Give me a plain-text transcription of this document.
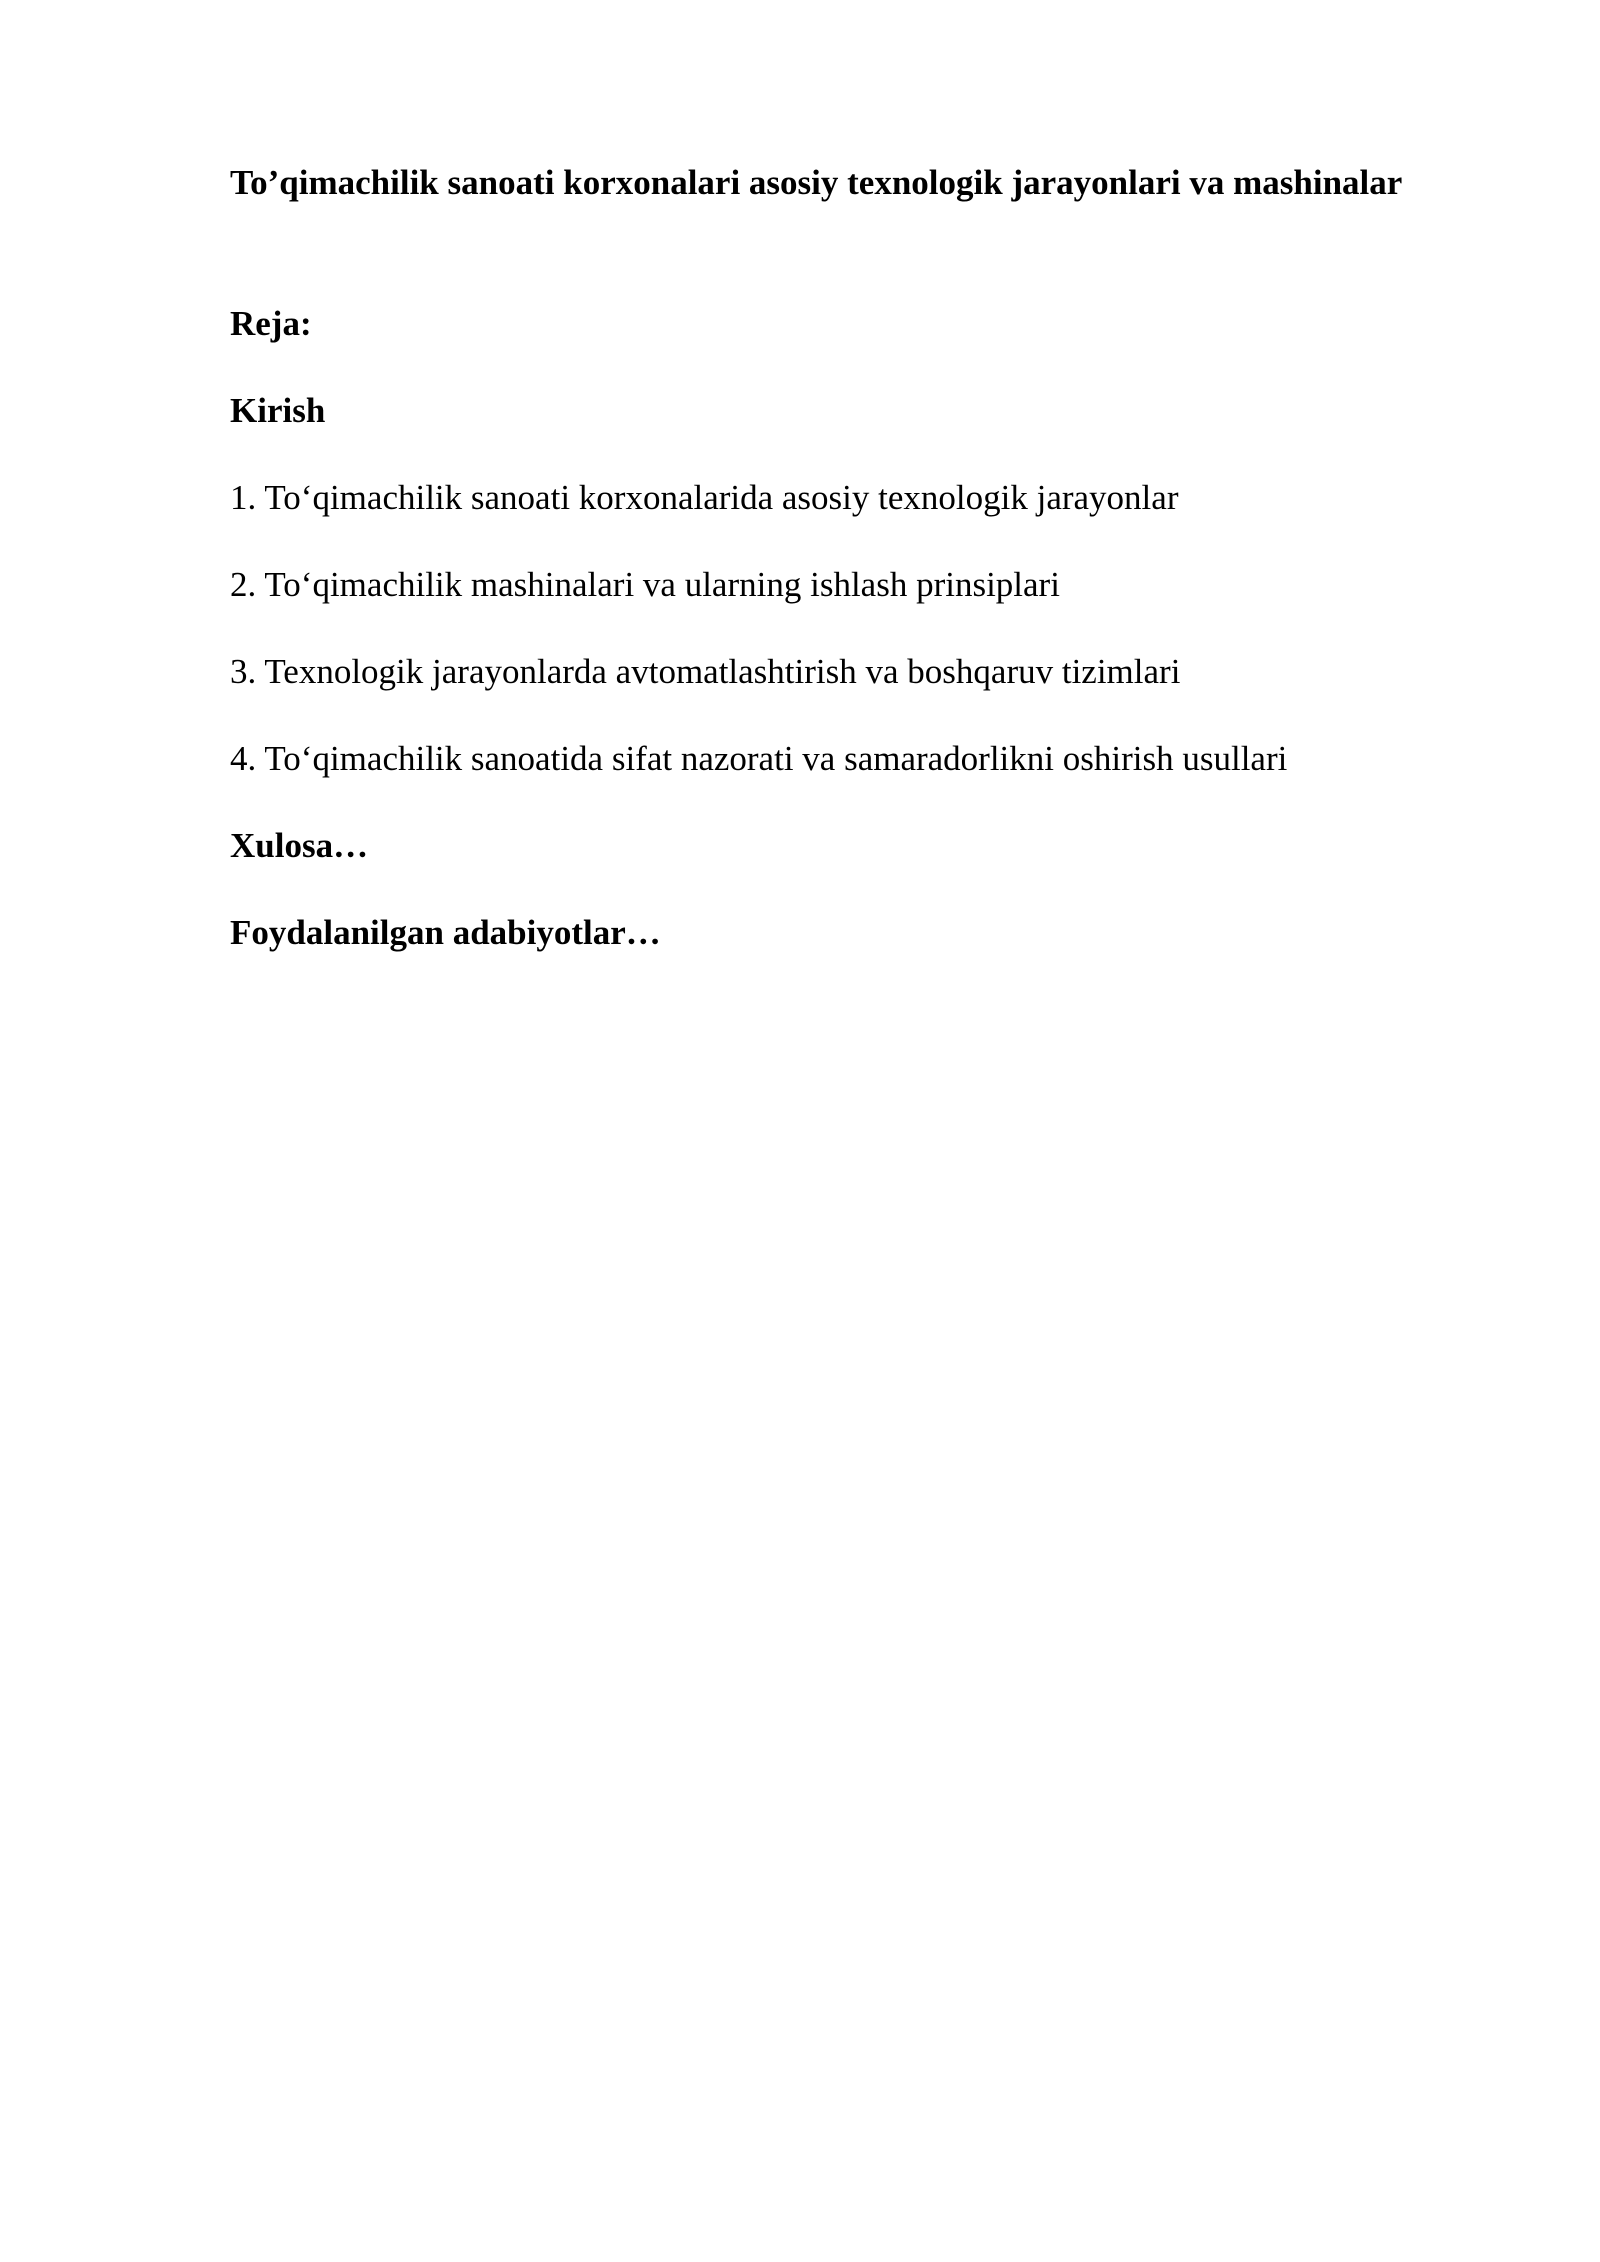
To’qimachilik sanoati korxonalari asosiy texnologik jarayonlari va mashinalar

Reja:

Kirish

1. To‘qimachilik sanoati korxonalarida asosiy texnologik jarayonlar

2. To‘qimachilik mashinalari va ularning ishlash prinsiplari

3. Texnologik jarayonlarda avtomatlashtirish va boshqaruv tizimlari

4. To‘qimachilik sanoatida sifat nazorati va samaradorlikni oshirish usullari

Xulosa…

Foydalanilgan adabiyotlar…
